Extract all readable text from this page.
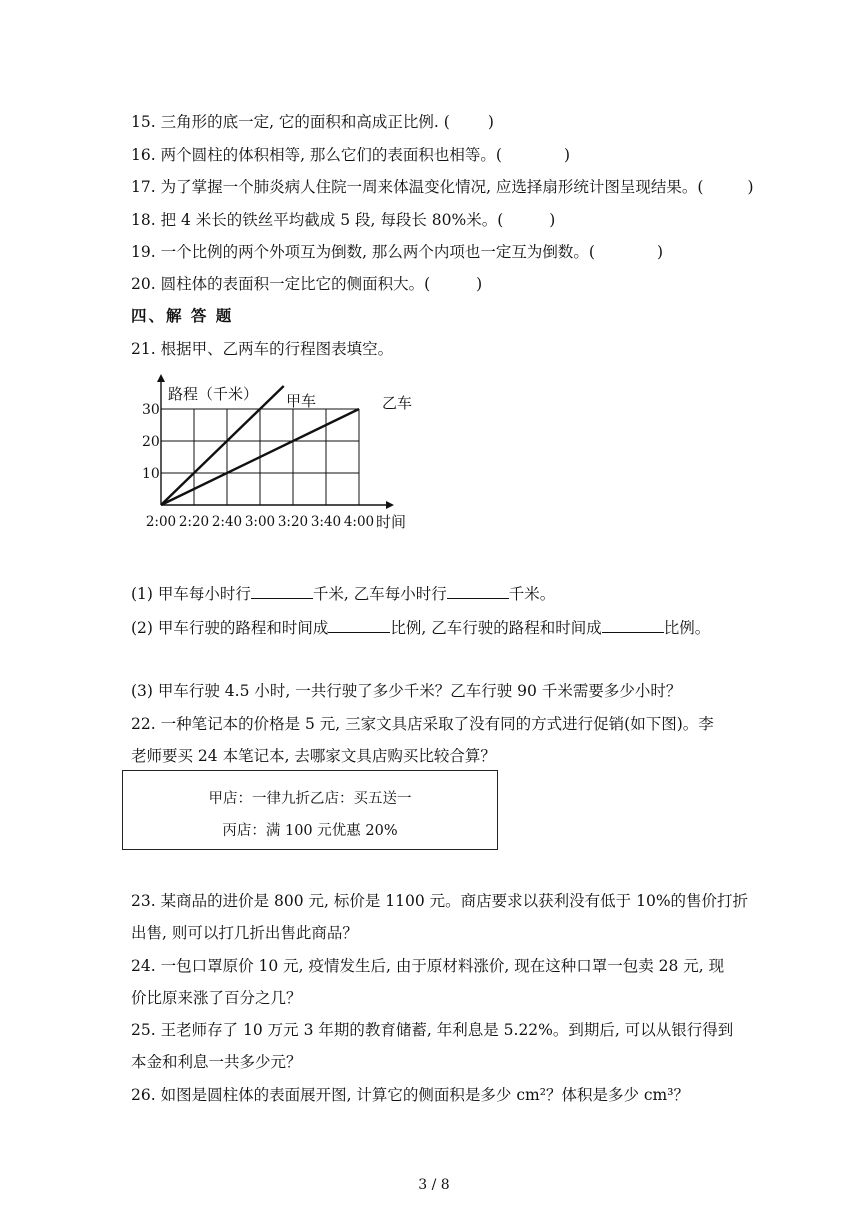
15. 三角形的底一定, 它的面积和高成正比例. ( )
16. 两个圆柱的体积相等, 那么它们的表面积也相等。(	)
17. 为了掌握一个肺炎病人住院一周来体温变化情况, 应选择扇形统计图呈现结果。(	)
18. 把 4 米长的铁丝平均截成 5 段, 每段长 80%米。(	)
19. 一个比例的两个外项互为倒数, 那么两个内项也一定互为倒数。(	)
20. 圆柱体的表面积一定比它的侧面积大。(	)
四、解 答 题
21. 根据甲、乙两车的行程图表填空。
10
20
30
2:00 2:20 2:40 3:00 3:20 3:40 4:00
路程（千米）
时间
甲车	乙车
(1) 甲车每小时行	千米, 乙车每小时行	千米。
(2) 甲车行驶的路程和时间成	比例, 乙车行驶的路程和时间成	比例。
(3) 甲车行驶 4.5 小时, 一共行驶了多少千米？乙车行驶 90 千米需要多少小时？
22. 一种笔记本的价格是 5 元, 三家文具店采取了没有同的方式进行促销(如下图)。李
老师要买 24 本笔记本, 去哪家文具店购买比较合算？
甲店：一律九折乙店：买五送一
丙店：满 100 元优惠 20%
23. 某商品的进价是 800 元, 标价是 1100 元。商店要求以获利没有低于 10%的售价打折
出售, 则可以打几折出售此商品？
24. 一包口罩原价 10 元, 疫情发生后, 由于原材料涨价, 现在这种口罩一包卖 28 元, 现
价比原来涨了百分之几？
25. 王老师存了 10 万元 3 年期的教育储蓄, 年利息是 5.22%。到期后, 可以从银行得到
本金和利息一共多少元？
26. 如图是圆柱体的表面展开图, 计算它的侧面积是多少 cm²？体积是多少 cm³？
3 / 8
